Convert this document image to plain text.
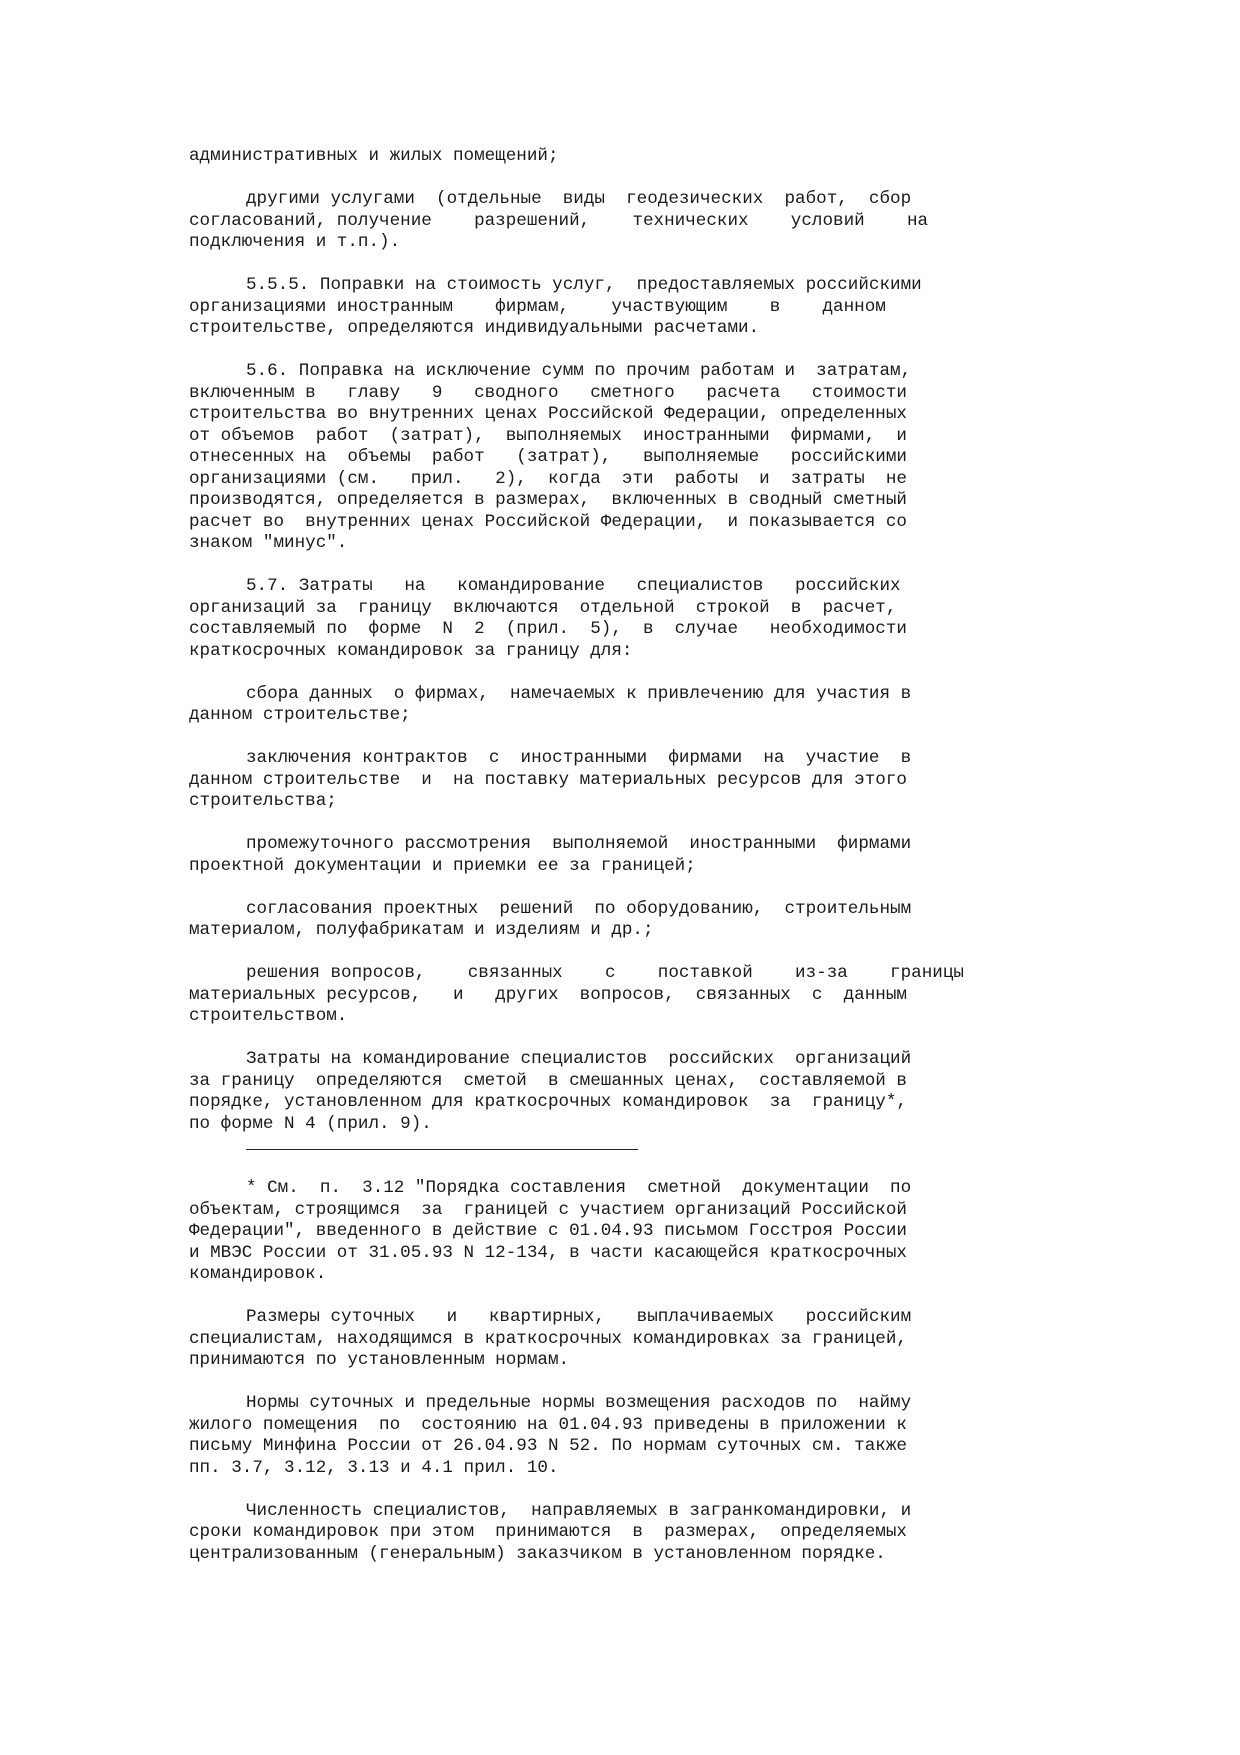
административных и жилых помещений;
другими услугами  (отдельные  виды  геодезических  работ,  сбор
согласований, получение    разрешений,    технических    условий    на
подключения и т.п.).
5.5.5. Поправки на стоимость услуг,  предоставляемых российскими
организациями иностранным    фирмам,    участвующим    в    данном
строительстве, определяются индивидуальными расчетами.
5.6. Поправка на исключение сумм по прочим работам и  затратам,
включенным в   главу   9   сводного   сметного   расчета   стоимости
строительства во внутренних ценах Российской Федерации, определенных
от объемов  работ  (затрат),  выполняемых  иностранными  фирмами,  и
отнесенных на  объемы  работ   (затрат),   выполняемые   российскими
организациями (см.   прил.   2),  когда  эти  работы  и  затраты  не
производятся, определяется в размерах,  включенных в сводный сметный
расчет во  внутренних ценах Российской Федерации,  и показывается со
знаком "минус".
5.7. Затраты   на   командирование   специалистов   российских
организаций за  границу  включаются  отдельной  строкой  в  расчет,
составляемый по  форме  N  2  (прил.  5),  в  случае   необходимости
краткосрочных командировок за границу для:
сбора данных  о фирмах,  намечаемых к привлечению для участия в
данном строительстве;
заключения контрактов  с  иностранными  фирмами  на  участие  в
данном строительстве  и  на поставку материальных ресурсов для этого
строительства;
промежуточного рассмотрения  выполняемой  иностранными  фирмами
проектной документации и приемки ее за границей;
согласования проектных  решений  по оборудованию,  строительным
материалом, полуфабрикатам и изделиям и др.;
решения вопросов,    связанных    с    поставкой    из-за    границы
материальных ресурсов,   и   других  вопросов,  связанных  с  данным
строительством.
Затраты на командирование специалистов  российских  организаций
за границу  определяются  сметой  в смешанных ценах,  составляемой в
порядке, установленном для краткосрочных командировок  за  границу*,
по форме N 4 (прил. 9).
* См.  п.  3.12 "Порядка составления  сметной  документации  по
объектам, строящимся  за  границей с участием организаций Российской
Федерации", введенного в действие с 01.04.93 письмом Госстроя России
и МВЭС России от 31.05.93 N 12-134, в части касающейся краткосрочных
командировок.
Размеры суточных   и   квартирных,   выплачиваемых   российским
специалистам, находящимся в краткосрочных командировках за границей,
принимаются по установленным нормам.
Нормы суточных и предельные нормы возмещения расходов по  найму
жилого помещения  по  состоянию на 01.04.93 приведены в приложении к
письму Минфина России от 26.04.93 N 52. По нормам суточных см. также
пп. 3.7, 3.12, 3.13 и 4.1 прил. 10.
Численность специалистов,  направляемых в загранкомандировки, и
сроки командировок при этом  принимаются  в  размерах,  определяемых
централизованным (генеральным) заказчиком в установленном порядке.
